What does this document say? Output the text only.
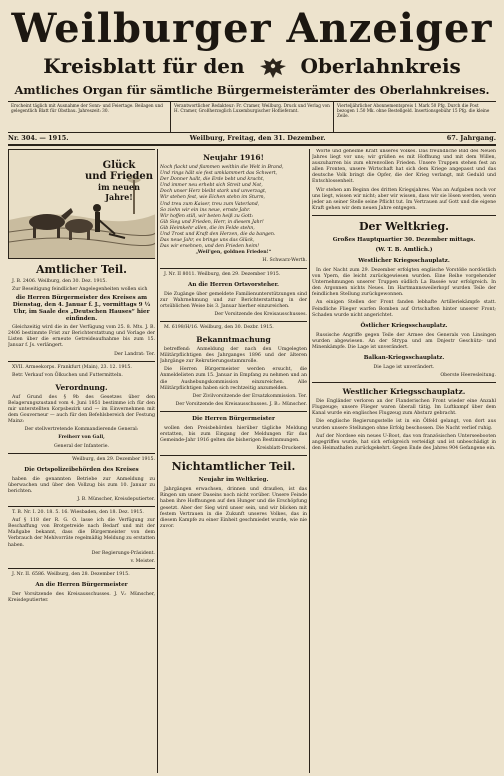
Weilburger Anzeiger
Kreisblatt für den	Oberlahnkreis
Amtliches Organ für sämtliche Bürgermeisterämter des Oberlahnkreises.
Erscheint täglich mit Ausnahme der Sonn- und Feiertage. Beilagen und gelegentlich Blatt für Obstbau. Jahreszeit: 30.
Verantwortlicher Redakteur: Fr. Cramer, Weilburg. Druck und Verlag von H. Cramer, Großherzoglich Luxemburgischer Hoflieferant.
Vierteljährlicher Abonnementspreis 1 Mark 50 Pfg. Durch die Post bezogen 1.50 Mk. ohne Bestellgeld. Insertionsgebühr 15 Pfg. die kleine Zeile.
Nr. 304. — 1915.	Weilburg, Freitag, den 31. Dezember.	67. Jahrgang.
Glück
und Frieden
im neuen Jahre!
Amtlicher Teil.

J. B. 2406. Weilburg, den 30. Dez. 1915.

Zur Beseitigung feindlicher Angelegenheiten wollen sich

die Herren Bürgermeister des Kreises am Dienstag, den 4. Januar f. J., vormittags 9 ½ Uhr, im Saale des „Deutschen Hauses“ hier einfinden.

Gleichzeitig wird die in der Verfügung vom 25. 8. Mts. J. B. 2406 bestimmte Frist zur Berichterstattung und Vorlage der Listen über die erneute Getreideaufnahme bis zum 15. Januar f. Js. verlängert.

Der Landrat: Ter.

XVII. Armeekorps. Frankfurt (Main), 23. 12. 1915.

Betr. Verkauf von Ölkuchen und Futtermitteln.

Verordnung.

Auf Grund des § 9b des Gesetzes über den Belagerungszustand vom 4. Juni 1851 bestimme ich für den mir unterstellten Korpsbezirk und — im Einvernehmen mit dem Gouverneur — auch für den Befehlsbereich der Festung Mainz:

Der stellvertretende Kommandierende General:

Freiherr von Gall,

General der Infanterie.

Weilburg, den 29. Dezember 1915.

Die Ortspolizeibehörden des Kreises

haben die genannten Betriebe zur Anmeldung zu überwachen und über den Vollzug bis zum 10. Januar zu berichten.

J. B. Münscher, Kreisdeputierter.

T. B. Nr. I. 20. 18. 5. 16. Wiesbaden, den 18. Dez. 1915.

Auf § 118 der R. G. O. lasse ich die Verfügung zur Beschaffung von Brotgetreide nach Bedarf und mit der Maßgabe bekannt, dass die Bürgermeister von dem Verbrauch der Mehlvorräte regelmäßig Meldung zu erstatten haben.

Der Regierungs-Präsident.

v. Meister.

J. Nr. II. 6586. Weilburg, den 28. Dezember 1915.

An die Herren Bürgermeister

Der Vorsitzende des Kreisausschusses. J. V.: Münscher, Kreisdeputierter.

Neujahr 1916!
Noch flackt und flammen weithin die Welt in Brand,
Und rings hält sie fest umklammert das Schwert,
Der Donner hallt, die Erde bebt und kracht,
Und immer neu erhebt sich Streit und Not,
Doch unser Herz bleibt stark und unverzagt,
Wir stehen fest, wie Eichen stehn im Sturm,
Und treu zum Kaiser, treu zum Vaterland,
So ziehn wir ein ins neue, ernste Jahr.
Wir hoffen still, wir beten heiß zu Gott:
Gib Sieg und Frieden, Herr, in diesem Jahr!
Gib Heimkehr allen, die im Felde stehn,
Und Trost und Kraft den Herzen, die da bangen.
Das neue Jahr, es bringe uns das Glück,
Das wir ersehnen, und den Frieden heim!

„Weil'gen, goldnen Frieden!“

H. Schwarz-Werth.

J. Nr. II 8011. Weilburg, den 29. Dezember 1915.

An die Herren Ortsvorsteher.

Die Zugänge über gemeldete Familienunterstützungen sind zur Wahrnehmung und zur Berichterstattung in der ortsüblichen Weise bis 3. Januar hierher einzureichen.

Der Vorsitzende des Kreisausschusses.

M. 6198/H/16. Weilburg, den 30. Dezbr. 1915.

Bekanntmachung

betreffend: Anmeldung der nach den Umgelegten Militärpflichtigen des Jahrganges 1896 und der älteren Jahrgänge zur Rekrutierungsstammrolle.

Die Herren Bürgermeister werden ersucht, die Anmeldelisten zum 15. Januar in Empfang zu nehmen und an die Aushebungskommission einzureichen. Alle Militärpflichtigen haben sich rechtzeitig anzumelden.

Der Zivilvorsitzende der Ersatzkommission. Ter.

Der Vorsitzende des Kreisausschusses. J. B.: Münscher.

Die Herren Bürgermeister

wollen den Preisbehörden hierüber tägliche Meldung erstatten, bis zum Eingang der Meldungen für das Gemeinde-Jahr 1916 gelten die bisherigen Bestimmungen.

Kreisblatt-Druckerei.

Nichtamtlicher Teil.
Neujahr im Weltkrieg.

Jahrgängen erwachsen, drinnen und draußen, ist das Ringen um unser Daseins noch nicht vorüber. Unsere Feinde haben ihre Hoffnungen auf den Hunger und die Erschöpfung gesetzt. Aber der Sieg wird unser sein, und wir blicken mit festem Vertrauen in die Zukunft unseres Volkes, das in diesem Kampfe zu einer Einheit geschmiedet wurde, wie nie zuvor.

Worte und geheime Kraft unseres Volkes. Das freundliche Bild des Neuen Jahres liegt vor uns; wir grüßen es mit Hoffnung und mit dem Willen, auszuharren bis zum ehrenvollen Frieden. Unsere Truppen stehen fest an allen Fronten, unsere Wirtschaft hat sich dem Kriege angepasst und das deutsche Volk bringt die Opfer, die der Krieg verlangt, mit Geduld und Entschlossenheit.

Wir stehen am Beginn des dritten Kriegsjahres. Was an Aufgaben noch vor uns liegt, wissen wir nicht; aber wir wissen, dass wir sie lösen werden, wenn jeder an seiner Stelle seine Pflicht tut. Im Vertrauen auf Gott und die eigene Kraft gehen wir dem neuen Jahre entgegen.

Der Weltkrieg.
Großes Hauptquartier 30. Dezember mittags.
(W. T. B. Amtlich.)
Westlicher Kriegsschauplatz.

In der Nacht zum 29. Dezember erfolgten englische Vorstöße nordöstlich von Ypern, die leicht zurückgewiesen wurden. Eine Reihe vorgehender Unternehmungen unserer Truppen südlich La Bassée war erfolgreich. In den Argonnen nichts Neues. Im Hartmannsweilerkopf wurden Teile der feindlichen Stellung zurückgewonnen.

An einigen Stellen der Front fanden lebhafte Artilleriekämpfe statt. Feindliche Flieger warfen Bomben auf Ortschaften hinter unserer Front; Schaden wurde nicht angerichtet.

Östlicher Kriegsschauplatz.

Russische Angriffe gegen Teile der Armee des Generals von Linsingen wurden abgewiesen. An der Strypa und am Dnjestr Geschütz- und Minenkämpfe. Die Lage ist unverändert.

Balkan-Kriegsschauplatz.

Die Lage ist unverändert.

Oberste Heeresleitung.

Westlicher Kriegsschauplatz.

Die Engländer verloren an der Flanderischen Front wieder eine Anzahl Flugzeuge; unsere Flieger waren überall tätig. Im Luftkampf über dem Kanal wurde ein englisches Flugzeug zum Absturz gebracht.

Die englische Regierungsstelle ist in ein Ölfeld gelangt, von dort aus wurden unsere Stellungen ohne Erfolg beschossen. Die Nacht verlief ruhig.

Auf der Nordsee ein neues U-Boot, das von französischen Unterseebooten angegriffen wurde, hat sich erfolgreich verteidigt und ist unbeschädigt in den Heimathafen zurückgekehrt. Gegen Ende des Jahres 904 Gefangene ein.
